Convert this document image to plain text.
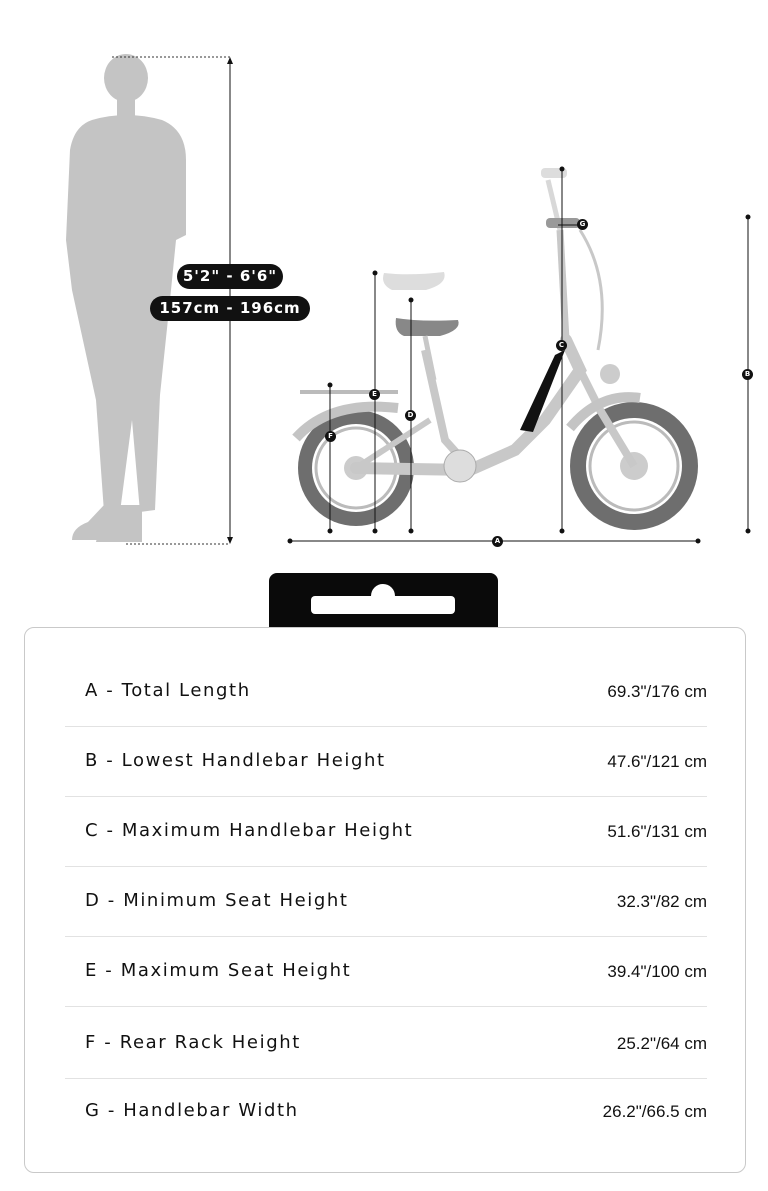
5'2" - 6'6"
157cm - 196cm
A
B
C
D
E
F
G
A - Total Length	69.3"/176 cm
B - Lowest Handlebar Height	47.6"/121 cm
C - Maximum Handlebar Height	51.6"/131 cm
D - Minimum Seat Height	32.3"/82 cm
E - Maximum Seat Height	39.4"/100 cm
F - Rear Rack Height	25.2"/64 cm
G - Handlebar Width	26.2"/66.5 cm
